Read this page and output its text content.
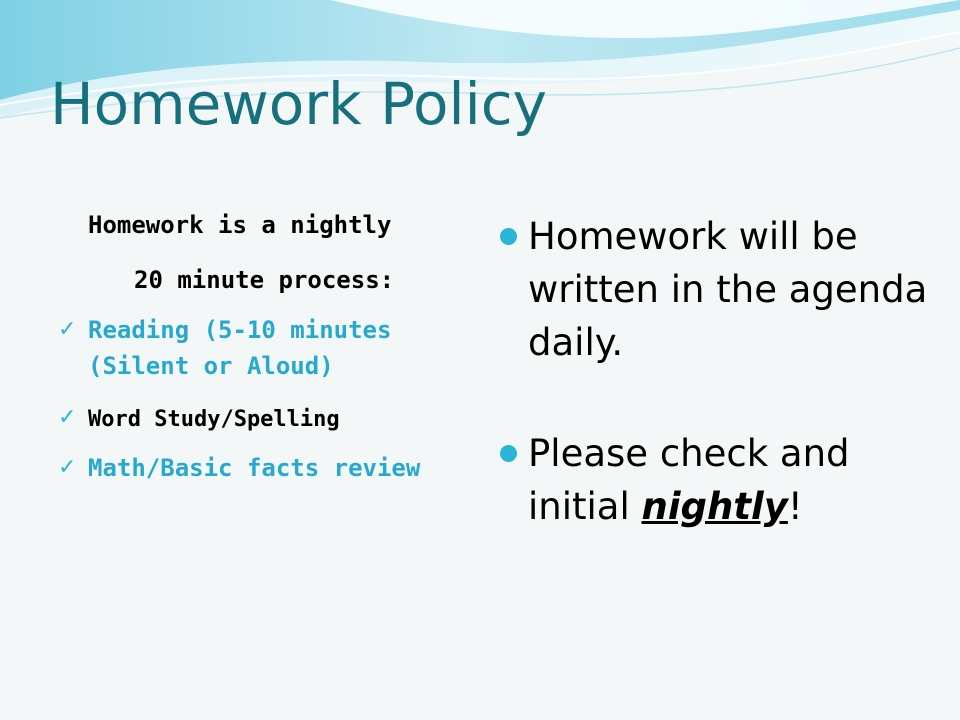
Homework Policy

Homework is a nightly

20 minute process:

✓ Reading (5-10 minutes (Silent or Aloud)
✓ Word Study/Spelling
✓ Math/Basic facts review

Homework will be written in the agenda daily.

Please check and initial nightly!
